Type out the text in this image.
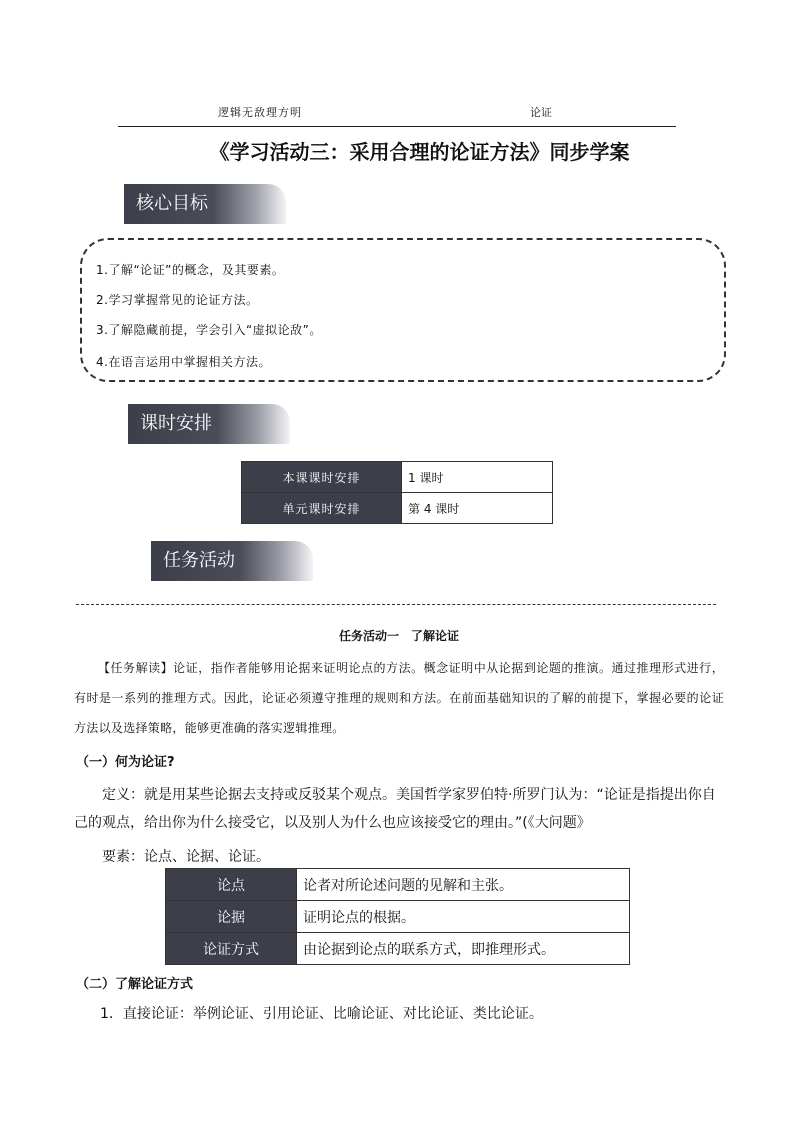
逻辑无敌理方明	论证
《学习活动三：采用合理的论证方法》同步学案
核心目标
1.了解“论证”的概念，及其要素。
2.学习掌握常见的论证方法。
3.了解隐藏前提，学会引入“虚拟论敌”。
4.在语言运用中掌握相关方法。
课时安排
本课课时安排	1 课时
单元课时安排	第 4 课时
任务活动
任务活动一　了解论证
【任务解读】论证，指作者能够用论据来证明论点的方法。概念证明中从论据到论题的推演。通过推理形式进行，有时是一系列的推理方式。因此，论证必须遵守推理的规则和方法。在前面基础知识的了解的前提下，掌握必要的论证方法以及选择策略，能够更准确的落实逻辑推理。
（一）何为论证?
定义：就是用某些论据去支持或反驳某个观点。美国哲学家罗伯特·所罗门认为：“论证是指提出你自己的观点，给出你为什么接受它，以及别人为什么也应该接受它的理由。”(《大问题》
要素：论点、论据、论证。
论点	论者对所论述问题的见解和主张。
论据	证明论点的根据。
论证方式	由论据到论点的联系方式，即推理形式。
（二）了解论证方式
1．直接论证：举例论证、引用论证、比喻论证、对比论证、类比论证。
